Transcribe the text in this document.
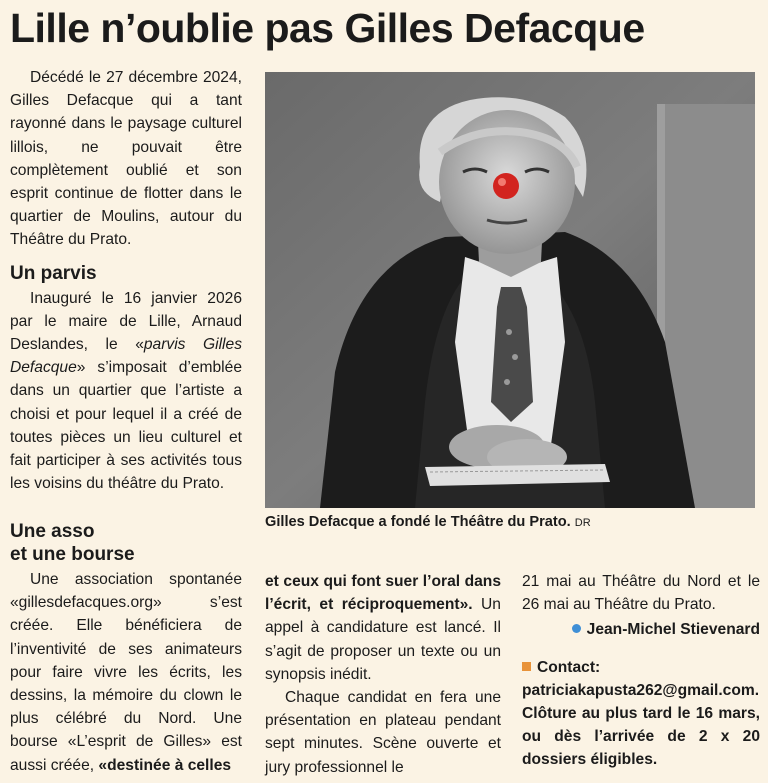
Lille n’oublie pas Gilles Defacque

Décédé le 27 décembre 2024, Gilles Defacque qui a tant rayonné dans le paysage culturel lillois, ne pouvait être complètement oublié et son esprit continue de flotter dans le quartier de Moulins, autour du Théâtre du Prato.

Un parvis

Inauguré le 16 janvier 2026 par le maire de Lille, Arnaud Deslandes, le «parvis Gilles Defacque» s’imposait d’emblée dans un quartier que l’artiste a choisi et pour lequel il a créé de toutes pièces un lieu culturel et fait participer à ses activités tous les voisins du théâtre du Prato.

Gilles Defacque a fondé le Théâtre du Prato. DR
Une asso
et une bourse

Une association spontanée «gillesdefacques.org» s’est créée. Elle bénéficiera de l’inventivité de ses animateurs pour faire vivre les écrits, les dessins, la mémoire du clown le plus célébré du Nord. Une bourse «L’esprit de Gilles» est aussi créée, «destinée à celles

et ceux qui font suer l’oral dans l’écrit, et réciproquement». Un appel à candidature est lancé. Il s’agit de proposer un texte ou un synopsis inédit.

Chaque candidat en fera une présentation en plateau pendant sept minutes. Scène ouverte et jury professionnel le

21 mai au Théâtre du Nord et le 26 mai au Théâtre du Prato.

Jean-Michel Stievenard

Contact: patriciakapusta262@gmail.com. Clôture au plus tard le 16 mars, ou dès l’arrivée de 2 x 20 dossiers éligibles.
